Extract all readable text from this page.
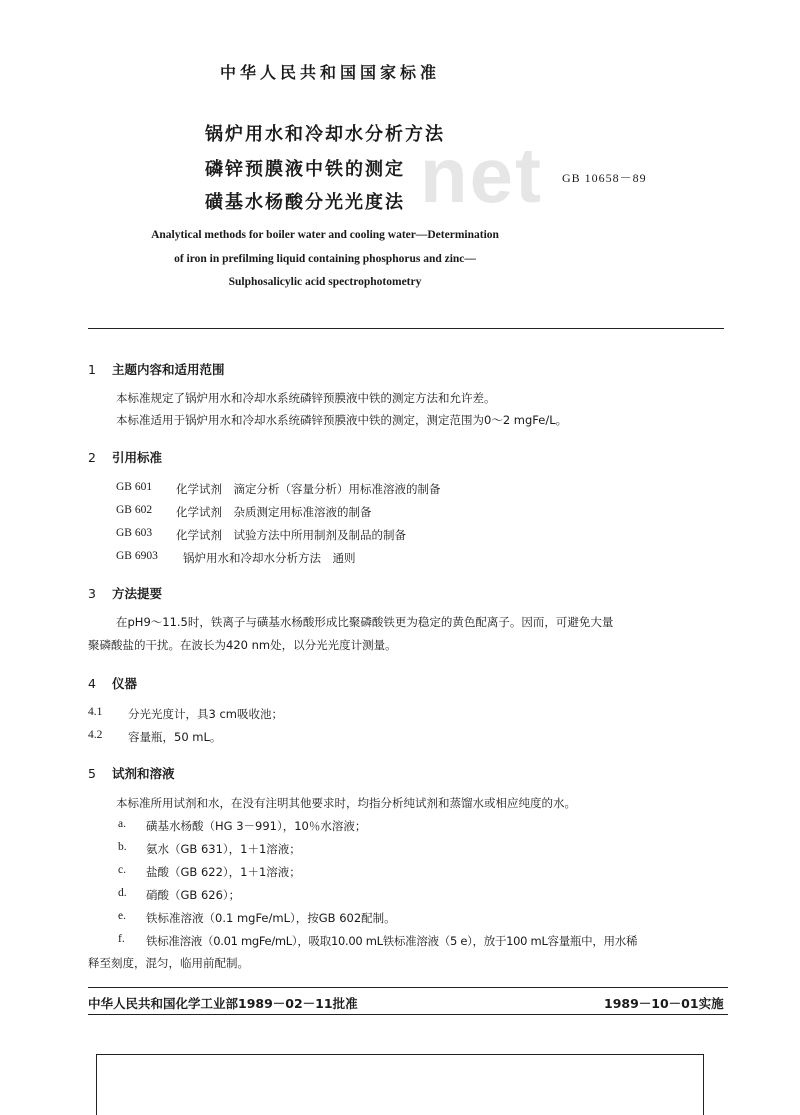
net
中华人民共和国国家标准
锅炉用水和冷却水分析方法
磷锌预膜液中铁的测定
磺基水杨酸分光光度法
GB 10658－89
Analytical methods for boiler water and cooling water—Determination
of iron in prefilming liquid containing phosphorus and zinc—
Sulphosalicylic acid spectrophotometry
1 主题内容和适用范围
本标准规定了锅炉用水和冷却水系统磷锌预膜液中铁的测定方法和允许差。
本标准适用于锅炉用水和冷却水系统磷锌预膜液中铁的测定，测定范围为0～2 mgFe/L。
2 引用标准
GB 601 化学试剂　滴定分析（容量分析）用标准溶液的制备
GB 602 化学试剂　杂质测定用标准溶液的制备
GB 603 化学试剂　试验方法中所用制剂及制品的制备
GB 6903 锅炉用水和冷却水分析方法　通则
3 方法提要
在pH9～11.5时，铁离子与磺基水杨酸形成比聚磷酸铁更为稳定的黄色配离子。因而，可避免大量
聚磷酸盐的干扰。在波长为420 nm处，以分光光度计测量。
4 仪器
4.1 分光光度计，具3 cm吸收池；
4.2 容量瓶，50 mL。
5 试剂和溶液
本标准所用试剂和水，在没有注明其他要求时，均指分析纯试剂和蒸馏水或相应纯度的水。
a. 磺基水杨酸（HG 3－991），10％水溶液；
b. 氨水（GB 631），1＋1溶液；
c. 盐酸（GB 622），1＋1溶液；
d. 硝酸（GB 626）；
e. 铁标准溶液（0.1 mgFe/mL），按GB 602配制。
f. 铁标准溶液（0.01 mgFe/mL），吸取10.00 mL铁标准溶液（5 e），放于100 mL容量瓶中，用水稀
释至刻度，混匀，临用前配制。
中华人民共和国化学工业部1989－02－11批准	1989－10－01实施
